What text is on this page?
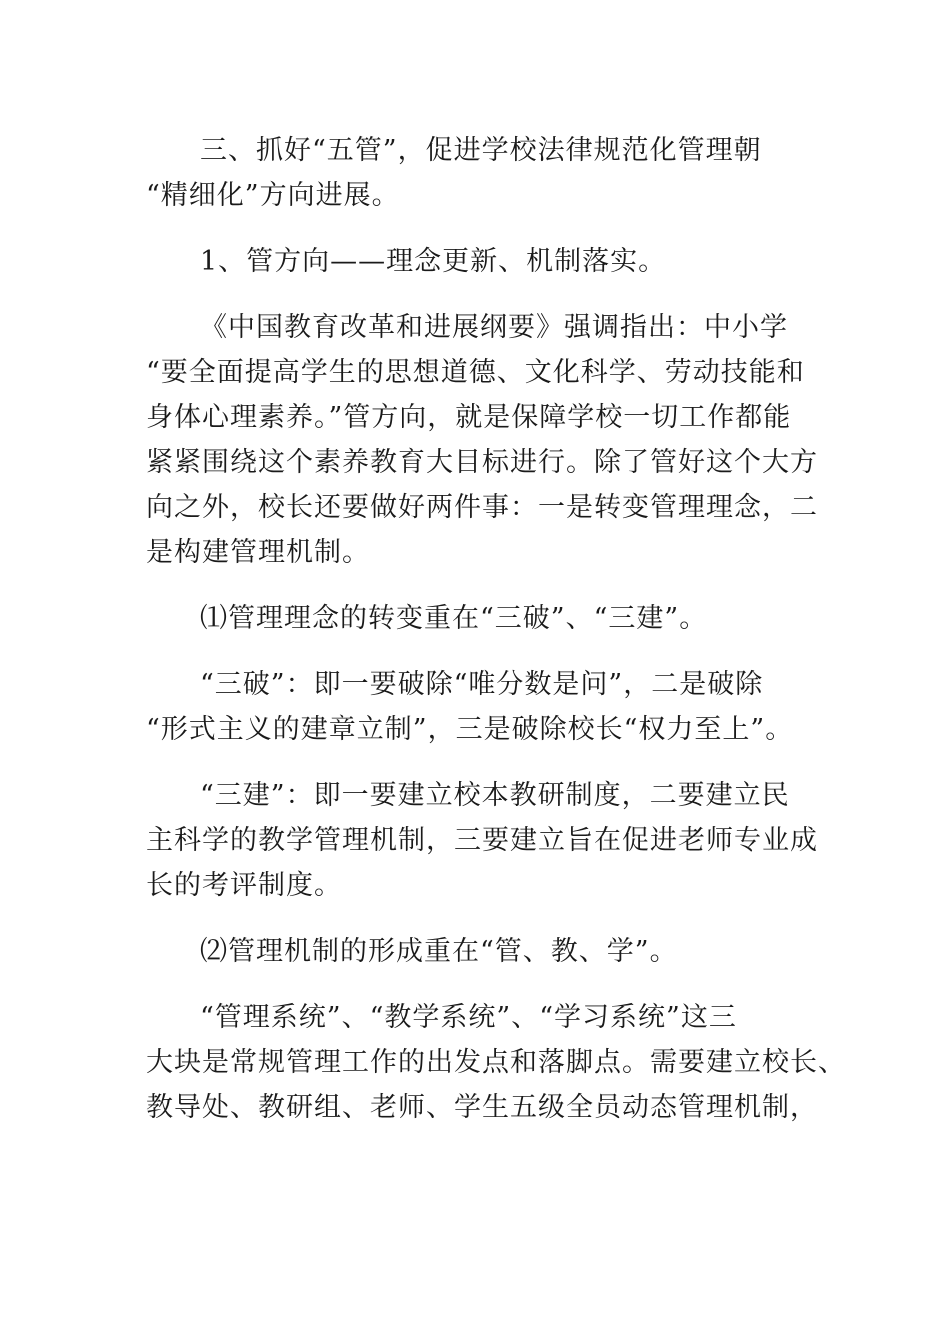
三、抓好“五管”，促进学校法律规范化管理朝
“精细化”方向进展。

1、管方向——理念更新、机制落实。

《中国教育改革和进展纲要》强调指出：中小学
“要全面提高学生的思想道德、文化科学、劳动技能和
身体心理素养。”管方向，就是保障学校一切工作都能
紧紧围绕这个素养教育大目标进行。除了管好这个大方
向之外，校长还要做好两件事：一是转变管理理念，二
是构建管理机制。

⑴管理理念的转变重在“三破”、“三建”。

“三破”：即一要破除“唯分数是问”，二是破除
“形式主义的建章立制”，三是破除校长“权力至上”。

“三建”：即一要建立校本教研制度，二要建立民
主科学的教学管理机制，三要建立旨在促进老师专业成
长的考评制度。

⑵管理机制的形成重在“管、教、学”。

“管理系统”、“教学系统”、“学习系统”这三
大块是常规管理工作的出发点和落脚点。需要建立校长、
教导处、教研组、老师、学生五级全员动态管理机制，
